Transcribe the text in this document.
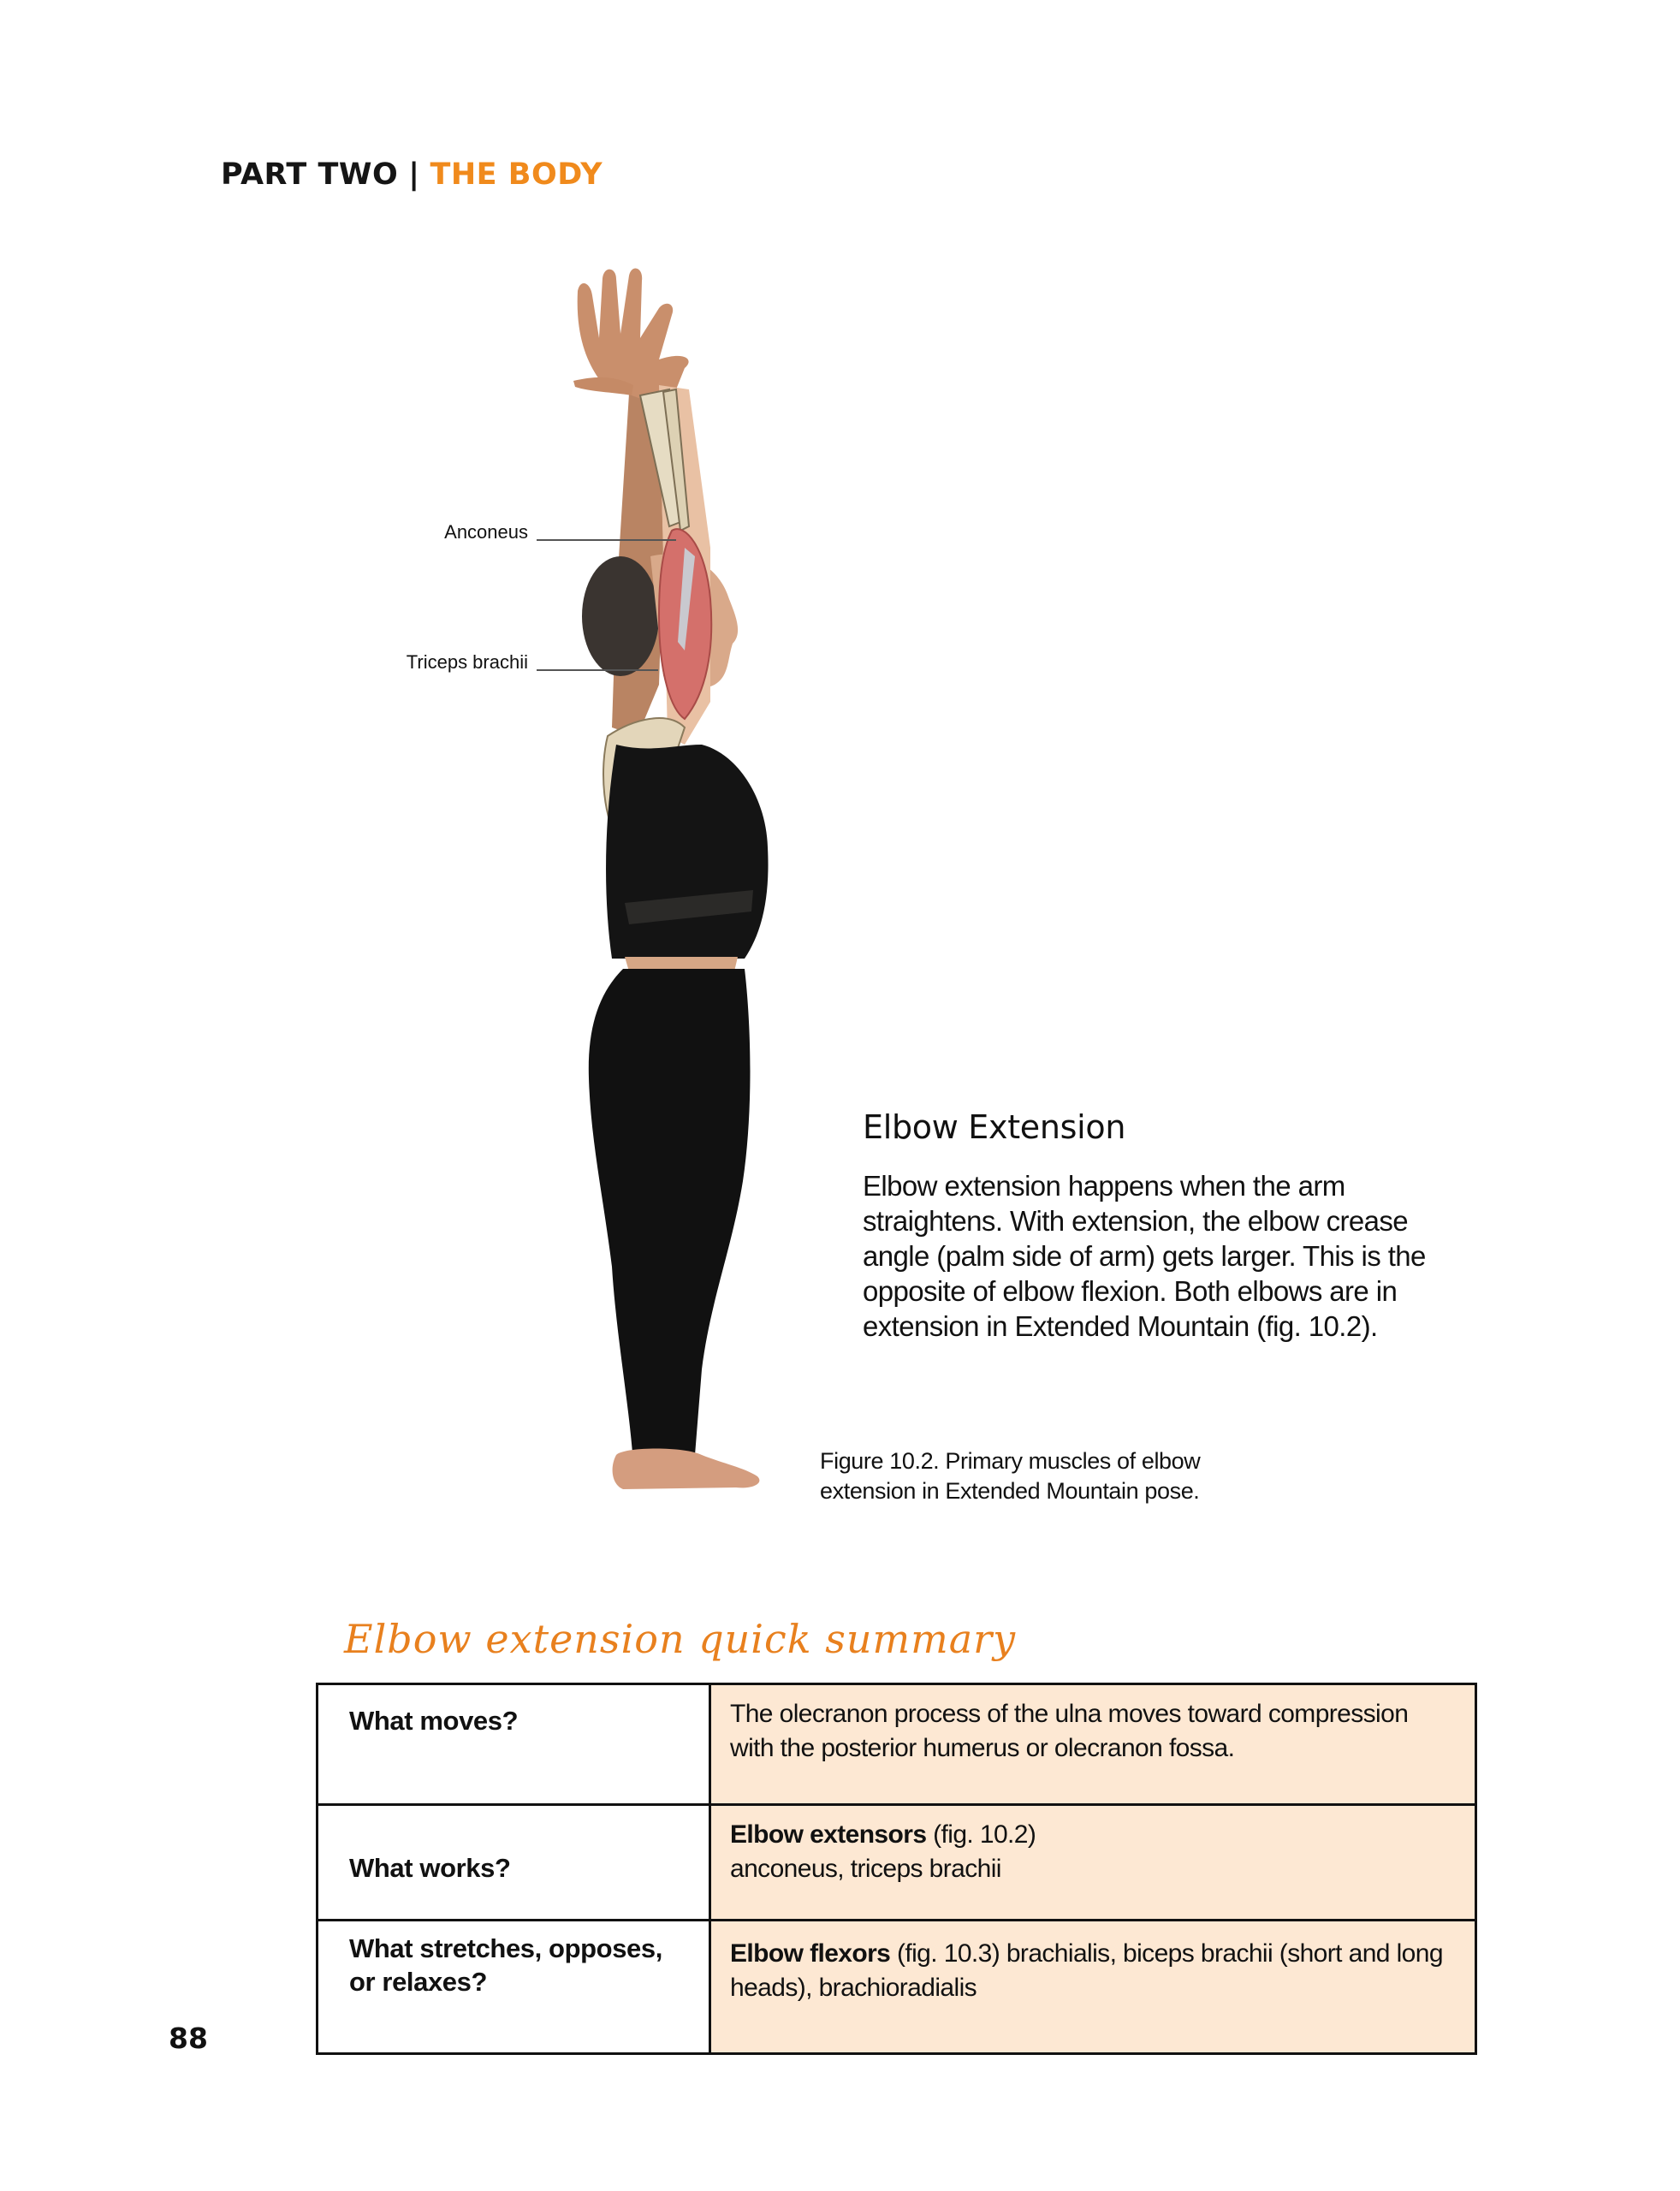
PART TWO | THE BODY
Anconeus
Triceps brachii
Elbow Extension

Elbow extension happens when the arm straightens. With extension, the elbow crease angle (palm side of arm) gets larger. This is the opposite of elbow flexion. Both elbows are in extension in Extended Mountain (fig. 10.2).

Figure 10.2. Primary muscles of elbow
extension in Extended Mountain pose.
Elbow extension quick summary
What moves?	The olecranon process of the ulna moves toward compression with the posterior humerus or olecranon fossa.
What works?	Elbow extensors (fig. 10.2)
anconeus, triceps brachii
What stretches, opposes, or relaxes?	Elbow flexors (fig. 10.3) brachialis, biceps brachii (short and long heads), brachioradialis
88
